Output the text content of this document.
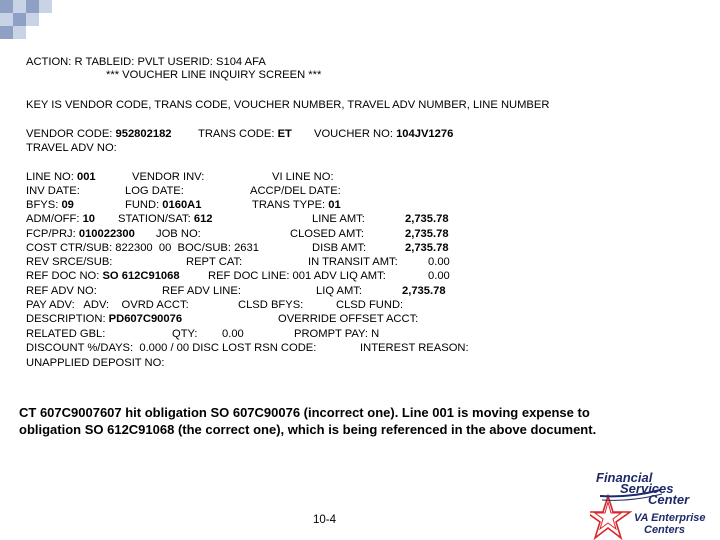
ACTION: R TABLEID: PVLT USERID: S104 AFA
*** VOUCHER LINE INQUIRY SCREEN ***
KEY IS VENDOR CODE, TRANS CODE, VOUCHER NUMBER, TRAVEL ADV NUMBER, LINE NUMBER
VENDOR CODE: 952802182 TRANS CODE: ET VOUCHER NO: 104JV1276
TRAVEL ADV NO:
LINE NO: 001	VENDOR INV:	VI LINE NO:
INV DATE:	LOG DATE:	ACCP/DEL DATE:
BFYS: 09	FUND: 0160A1	TRANS TYPE: 01
ADM/OFF: 10 STATION/SAT: 612	LINE AMT:	2,735.78
FCP/PRJ: 010022300 JOB NO:	CLOSED AMT:	2,735.78
COST CTR/SUB: 822300  00  BOC/SUB: 2631	DISB AMT:	2,735.78
REV SRCE/SUB:	REPT CAT:	IN TRANSIT AMT:	0.00
REF DOC NO: SO 612C91068	REF DOC LINE: 001 ADV LIQ AMT:	0.00
REF ADV NO:	REF ADV LINE:	LIQ AMT:	2,735.78
PAY ADV:   ADV:    OVRD ACCT:	CLSD BFYS:	CLSD FUND:
DESCRIPTION: PD607C90076	OVERRIDE OFFSET ACCT:
RELATED GBL:	QTY: 0.00	PROMPT PAY: N
DISCOUNT %/DAYS:  0.000 / 00 DISC LOST RSN CODE:	INTEREST REASON:
UNAPPLIED DEPOSIT NO:
CT 607C9007607 hit obligation SO 607C90076 (incorrect one). Line 001 is moving expense to obligation SO 612C91068 (the correct one), which is being referenced in the above document.
10-4
Financial
Services
Center
VA Enterprise
Centers
